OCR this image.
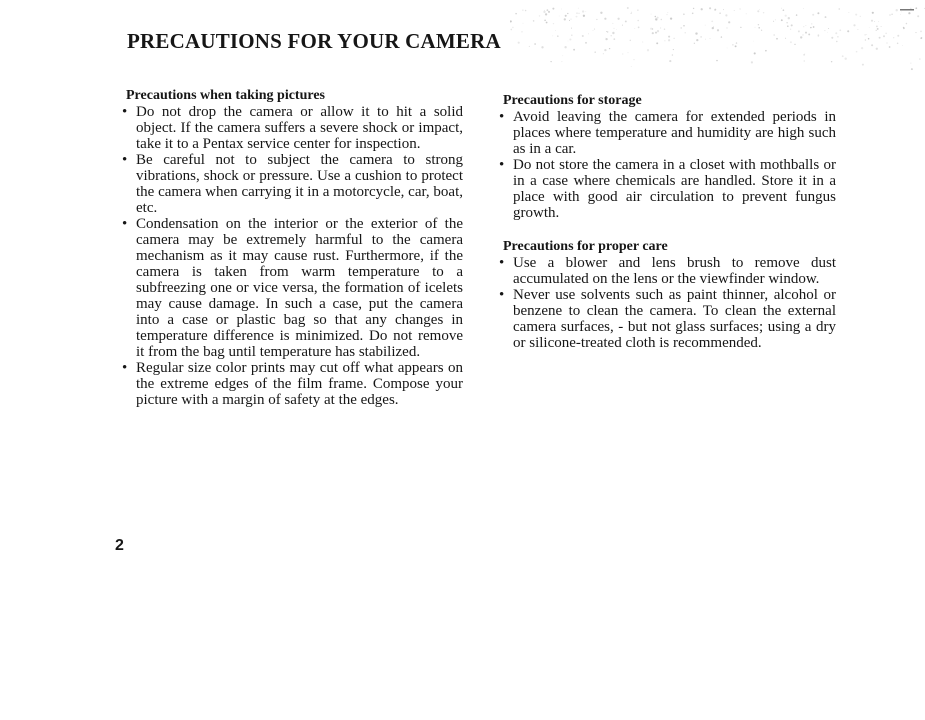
PRECAUTIONS FOR YOUR CAMERA
Precautions when taking pictures
• Do not drop the camera or allow it to hit a solid object. If the camera suffers a severe shock or impact, take it to a Pentax service center for inspection.
• Be careful not to subject the camera to strong vibrations, shock or pressure. Use a cushion to protect the camera when carrying it in a motorcycle, car, boat, etc.
• Condensation on the interior or the exterior of the camera may be extremely harmful to the camera mechanism as it may cause rust. Furthermore, if the camera is taken from warm temperature to a subfreezing one or vice versa, the formation of icelets may cause damage. In such a case, put the camera into a case or plastic bag so that any changes in temperature difference is minimized. Do not remove it from the bag until temperature has stabilized.
• Regular size color prints may cut off what appears on the extreme edges of the film frame. Compose your picture with a margin of safety at the edges.
Precautions for storage
• Avoid leaving the camera for extended periods in places where temperature and humidity are high such as in a car.
• Do not store the camera in a closet with mothballs or in a case where chemicals are handled. Store it in a place with good air circulation to prevent fungus growth.
Precautions for proper care
• Use a blower and lens brush to remove dust accumulated on the lens or the viewfinder window.
• Never use solvents such as paint thinner, alcohol or benzene to clean the camera. To clean the external camera surfaces, - but not glass surfaces; using a dry or silicone-treated cloth is recommended.
2
